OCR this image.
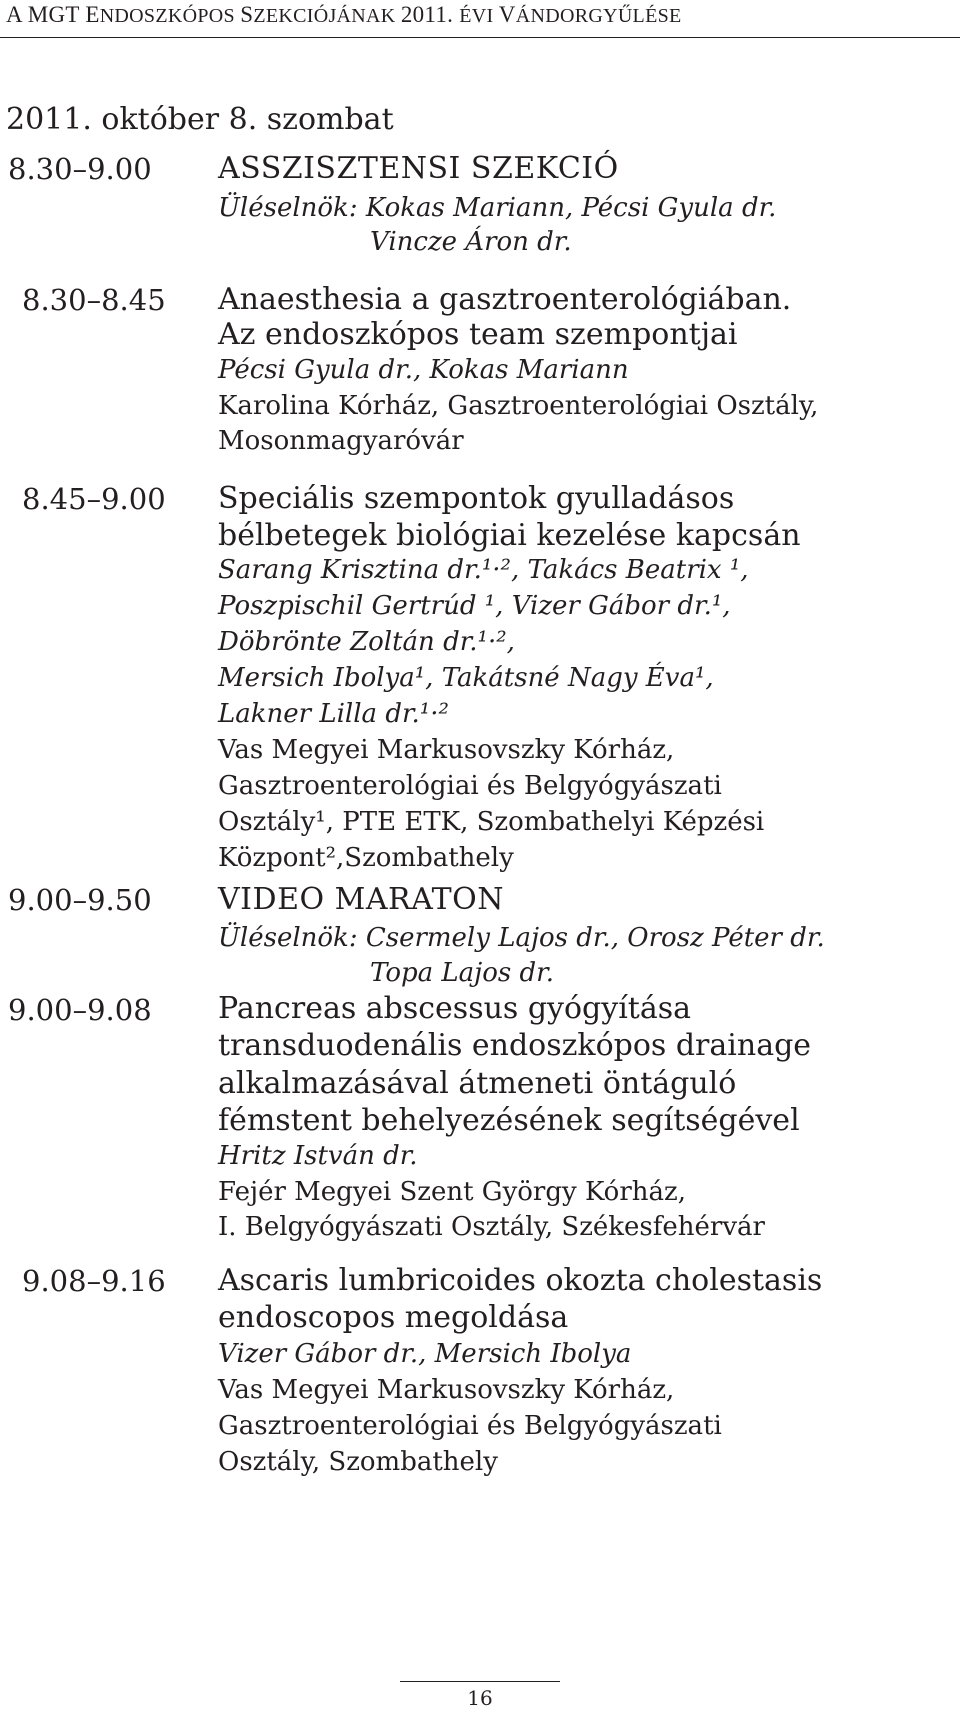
A MGT ENDOSZKÓPOS SZEKCIÓJÁNAK 2011. ÉVI VÁNDORGYŰLÉSE
2011. október 8. szombat
8.30–9.00 ASSZISZTENSI SZEKCIÓ
Üléselnök: Kokas Mariann, Pécsi Gyula dr.
Vincze Áron dr.
8.30–8.45 Anaesthesia a gasztroenterológiában.
Az endoszkópos team szempontjai
Pécsi Gyula dr., Kokas Mariann
Karolina Kórház, Gasztroenterológiai Osztály,
Mosonmagyaróvár
8.45–9.00 Speciális szempontok gyulladásos
bélbetegek biológiai kezelése kapcsán
Sarang Krisztina dr.¹·², Takács Beatrix ¹,
Poszpischil Gertrúd ¹, Vizer Gábor dr.¹,
Döbrönte Zoltán dr.¹·²,
Mersich Ibolya¹, Takátsné Nagy Éva¹,
Lakner Lilla dr.¹·²
Vas Megyei Markusovszky Kórház,
Gasztroenterológiai és Belgyógyászati
Osztály¹, PTE ETK, Szombathelyi Képzési
Központ²,Szombathely
9.00–9.50 VIDEO MARATON
Üléselnök: Csermely Lajos dr., Orosz Péter dr.
Topa Lajos dr.
9.00–9.08 Pancreas abscessus gyógyítása
transduodenális endoszkópos drainage
alkalmazásával átmeneti öntáguló
fémstent behelyezésének segítségével
Hritz István dr.
Fejér Megyei Szent György Kórház,
I. Belgyógyászati Osztály, Székesfehérvár
9.08–9.16 Ascaris lumbricoides okozta cholestasis
endoscopos megoldása
Vizer Gábor dr., Mersich Ibolya
Vas Megyei Markusovszky Kórház,
Gasztroenterológiai és Belgyógyászati
Osztály, Szombathely
16
